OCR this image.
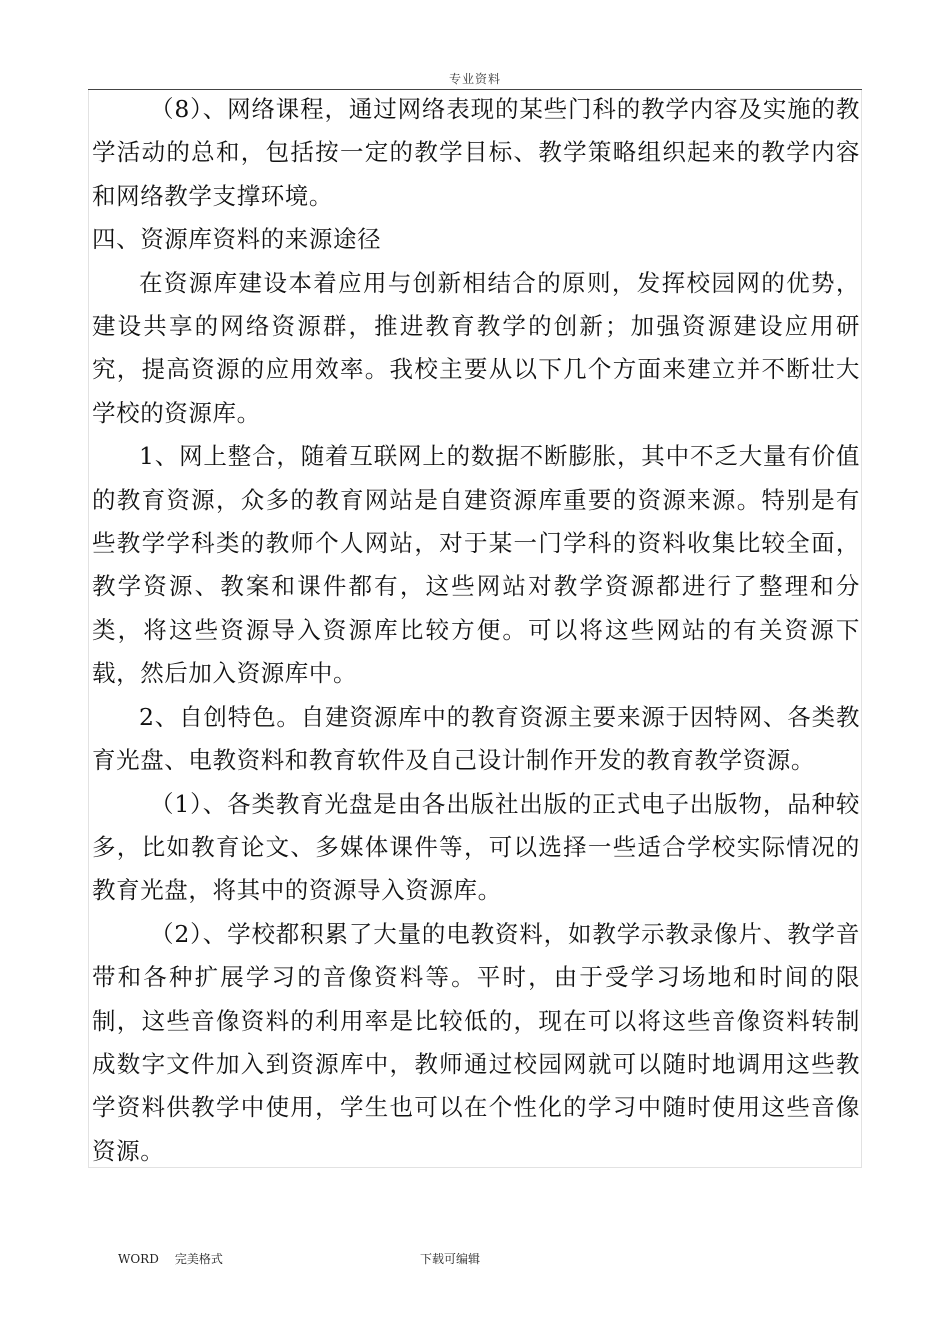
专业资料

（8）、网络课程，通过网络表现的某些门科的教学内容及实施的教学活动的总和，包括按一定的教学目标、教学策略组织起来的教学内容和网络教学支撑环境。

四、资源库资料的来源途径

在资源库建设本着应用与创新相结合的原则，发挥校园网的优势，建设共享的网络资源群，推进教育教学的创新；加强资源建设应用研究，提高资源的应用效率。我校主要从以下几个方面来建立并不断壮大学校的资源库。

1、网上整合，随着互联网上的数据不断膨胀，其中不乏大量有价值的教育资源，众多的教育网站是自建资源库重要的资源来源。特别是有些教学学科类的教师个人网站，对于某一门学科的资料收集比较全面，教学资源、教案和课件都有，这些网站对教学资源都进行了整理和分类，将这些资源导入资源库比较方便。可以将这些网站的有关资源下载，然后加入资源库中。

2、自创特色。自建资源库中的教育资源主要来源于因特网、各类教育光盘、电教资料和教育软件及自己设计制作开发的教育教学资源。

（1）、各类教育光盘是由各出版社出版的正式电子出版物，品种较多，比如教育论文、多媒体课件等，可以选择一些适合学校实际情况的教育光盘，将其中的资源导入资源库。

（2）、学校都积累了大量的电教资料，如教学示教录像片、教学音带和各种扩展学习的音像资料等。平时，由于受学习场地和时间的限制，这些音像资料的利用率是比较低的，现在可以将这些音像资料转制成数字文件加入到资源库中，教师通过校园网就可以随时地调用这些教学资料供教学中使用，学生也可以在个性化的学习中随时使用这些音像资源。

WORD 完美格式	下载可编辑
